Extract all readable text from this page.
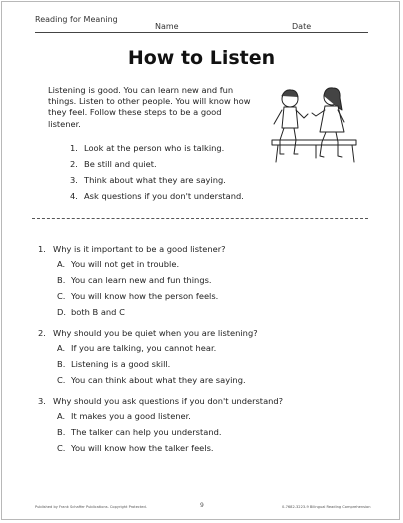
Reading for Meaning
Name	Date
How to Listen
Listening is good. You can learn new and fun things. Listen to other people. You will know how they feel. Follow these steps to be a good listener.
1. Look at the person who is talking.
2. Be still and quiet.
3. Think about what they are saying.
4. Ask questions if you don't understand.
1. Why is it important to be a good listener?
A. You will not get in trouble.
B. You can learn new and fun things.
C. You will know how the person feels.
D. both B and C
2. Why should you be quiet when you are listening?
A. If you are talking, you cannot hear.
B. Listening is a good skill.
C. You can think about what they are saying.
3. Why should you ask questions if you don't understand?
A. It makes you a good listener.
B. The talker can help you understand.
C. You will know how the talker feels.
Published by Frank Schaffer Publications. Copyright Protected.	9	0-7682-3223-9 Bilingual Reading Comprehension
